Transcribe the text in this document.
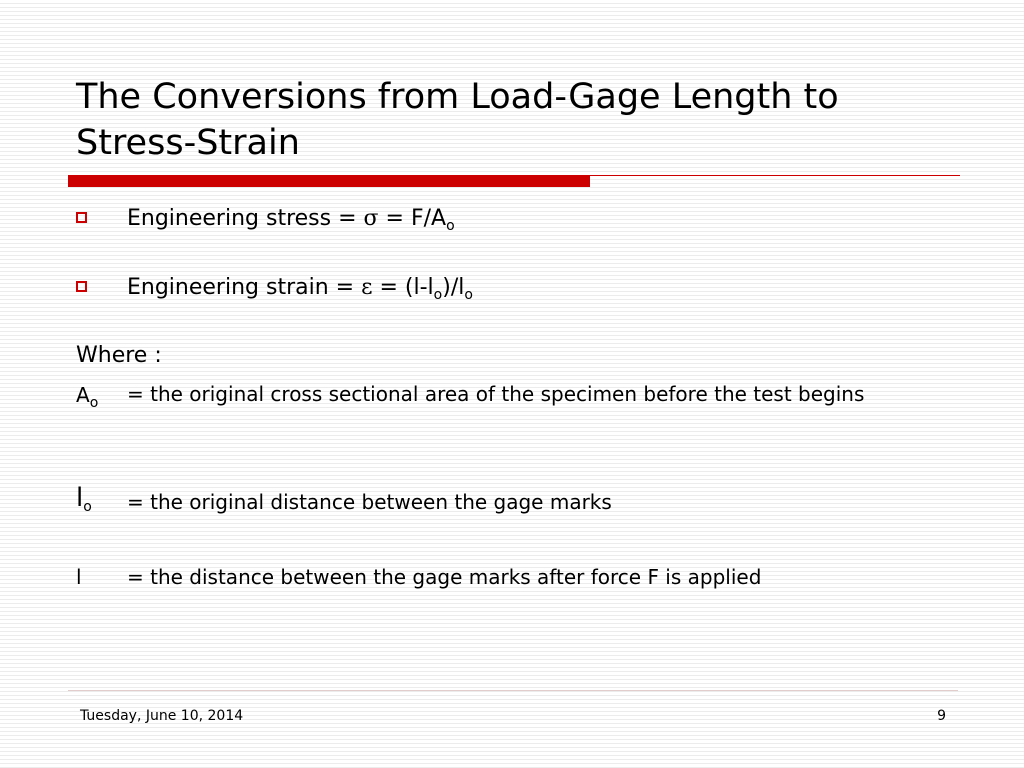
The Conversions from Load-Gage Length to
Stress-Strain
Engineering stress = $\sigma = F/A_o$
Engineering strain = $\varepsilon = (l-l_o)/l_o$
Where :
$A_o$ = the original cross sectional area of the specimen before the test begins
$l_o$ = the original distance between the gage marks
l = the distance between the gage marks after force F is applied
Tuesday, June 10, 2014	9
